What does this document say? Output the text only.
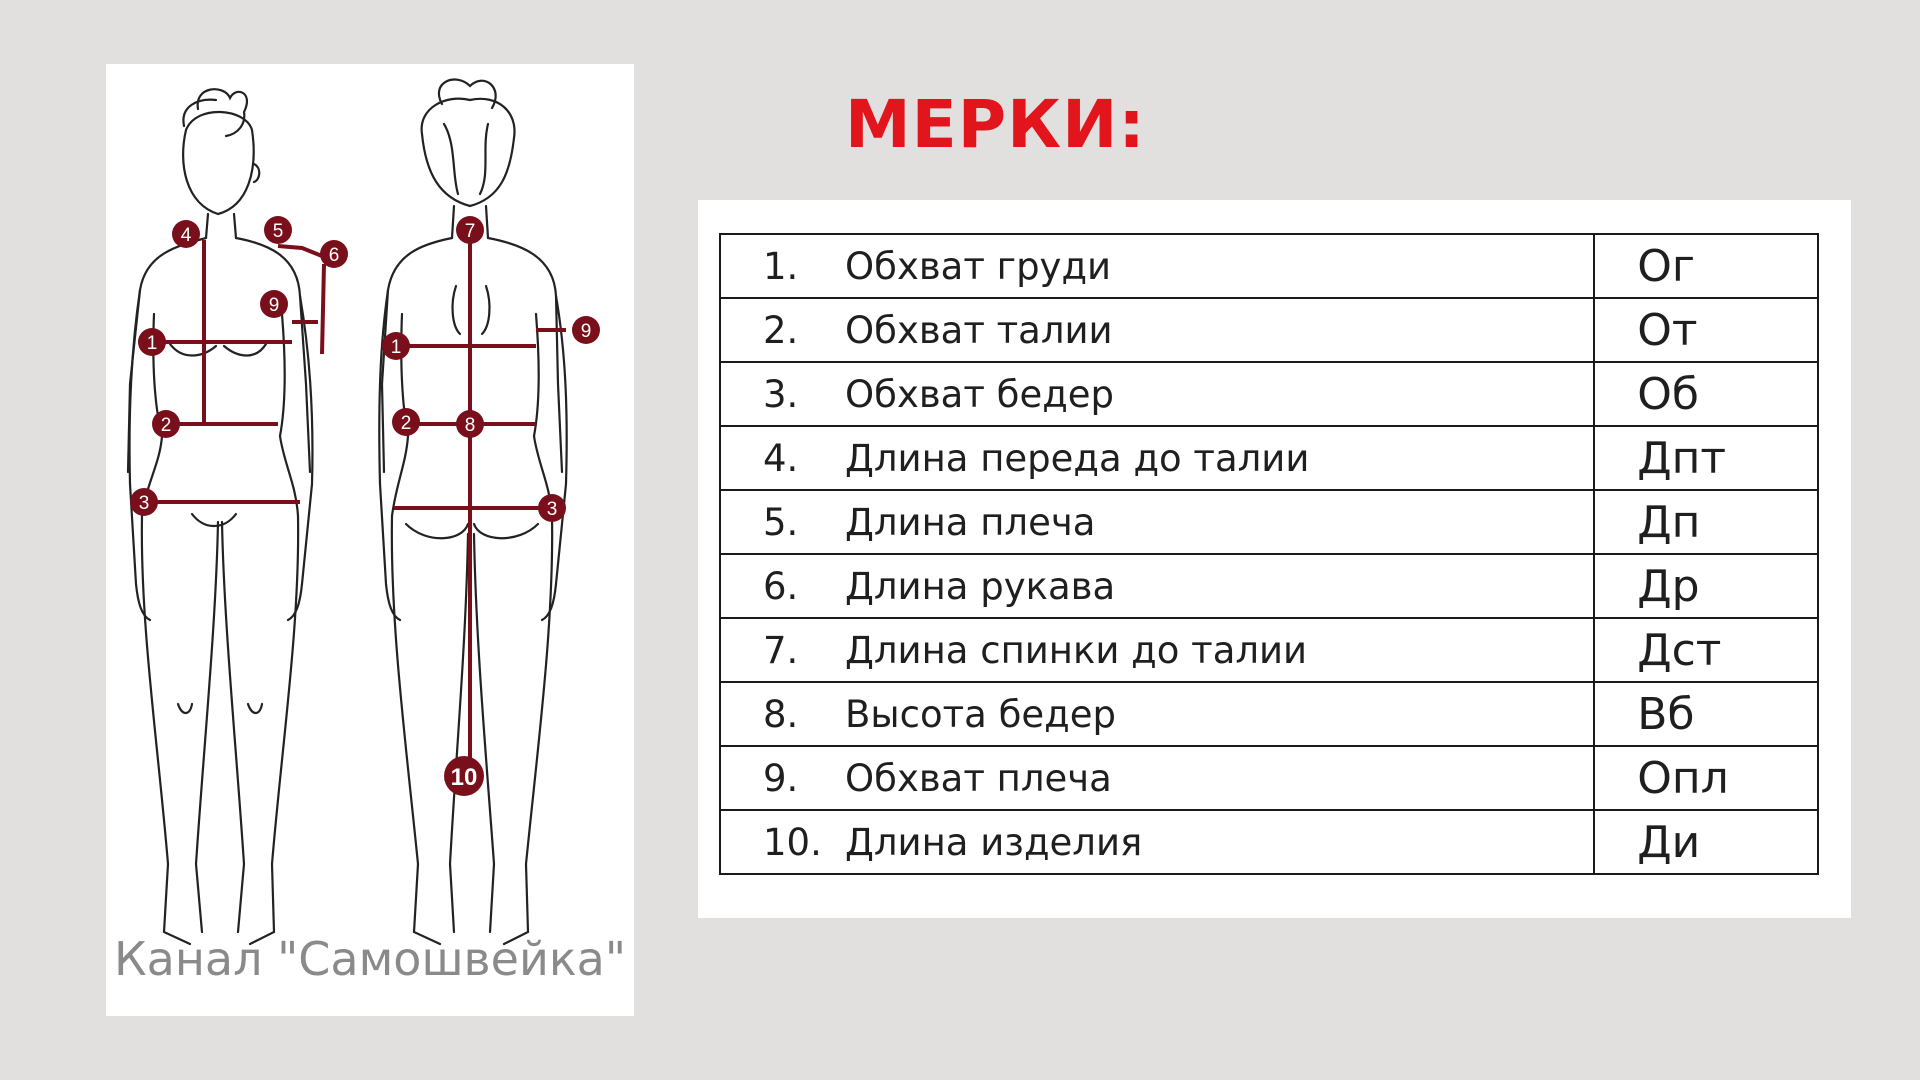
1
2
3
4	5
6
9
1
2
3
7
8
9
10
Канал "Самошвейка"
МЕРКИ:
1. Обхват груди	Ог
2. Обхват талии	От
3. Обхват бедер	Об
4. Длина переда до талии	Дпт
5. Длина плеча	Дп
6. Длина рукава	Др
7. Длина спинки до талии	Дст
8. Высота бедер	Вб
9. Обхват плеча	Опл
10. Длина изделия	Ди
